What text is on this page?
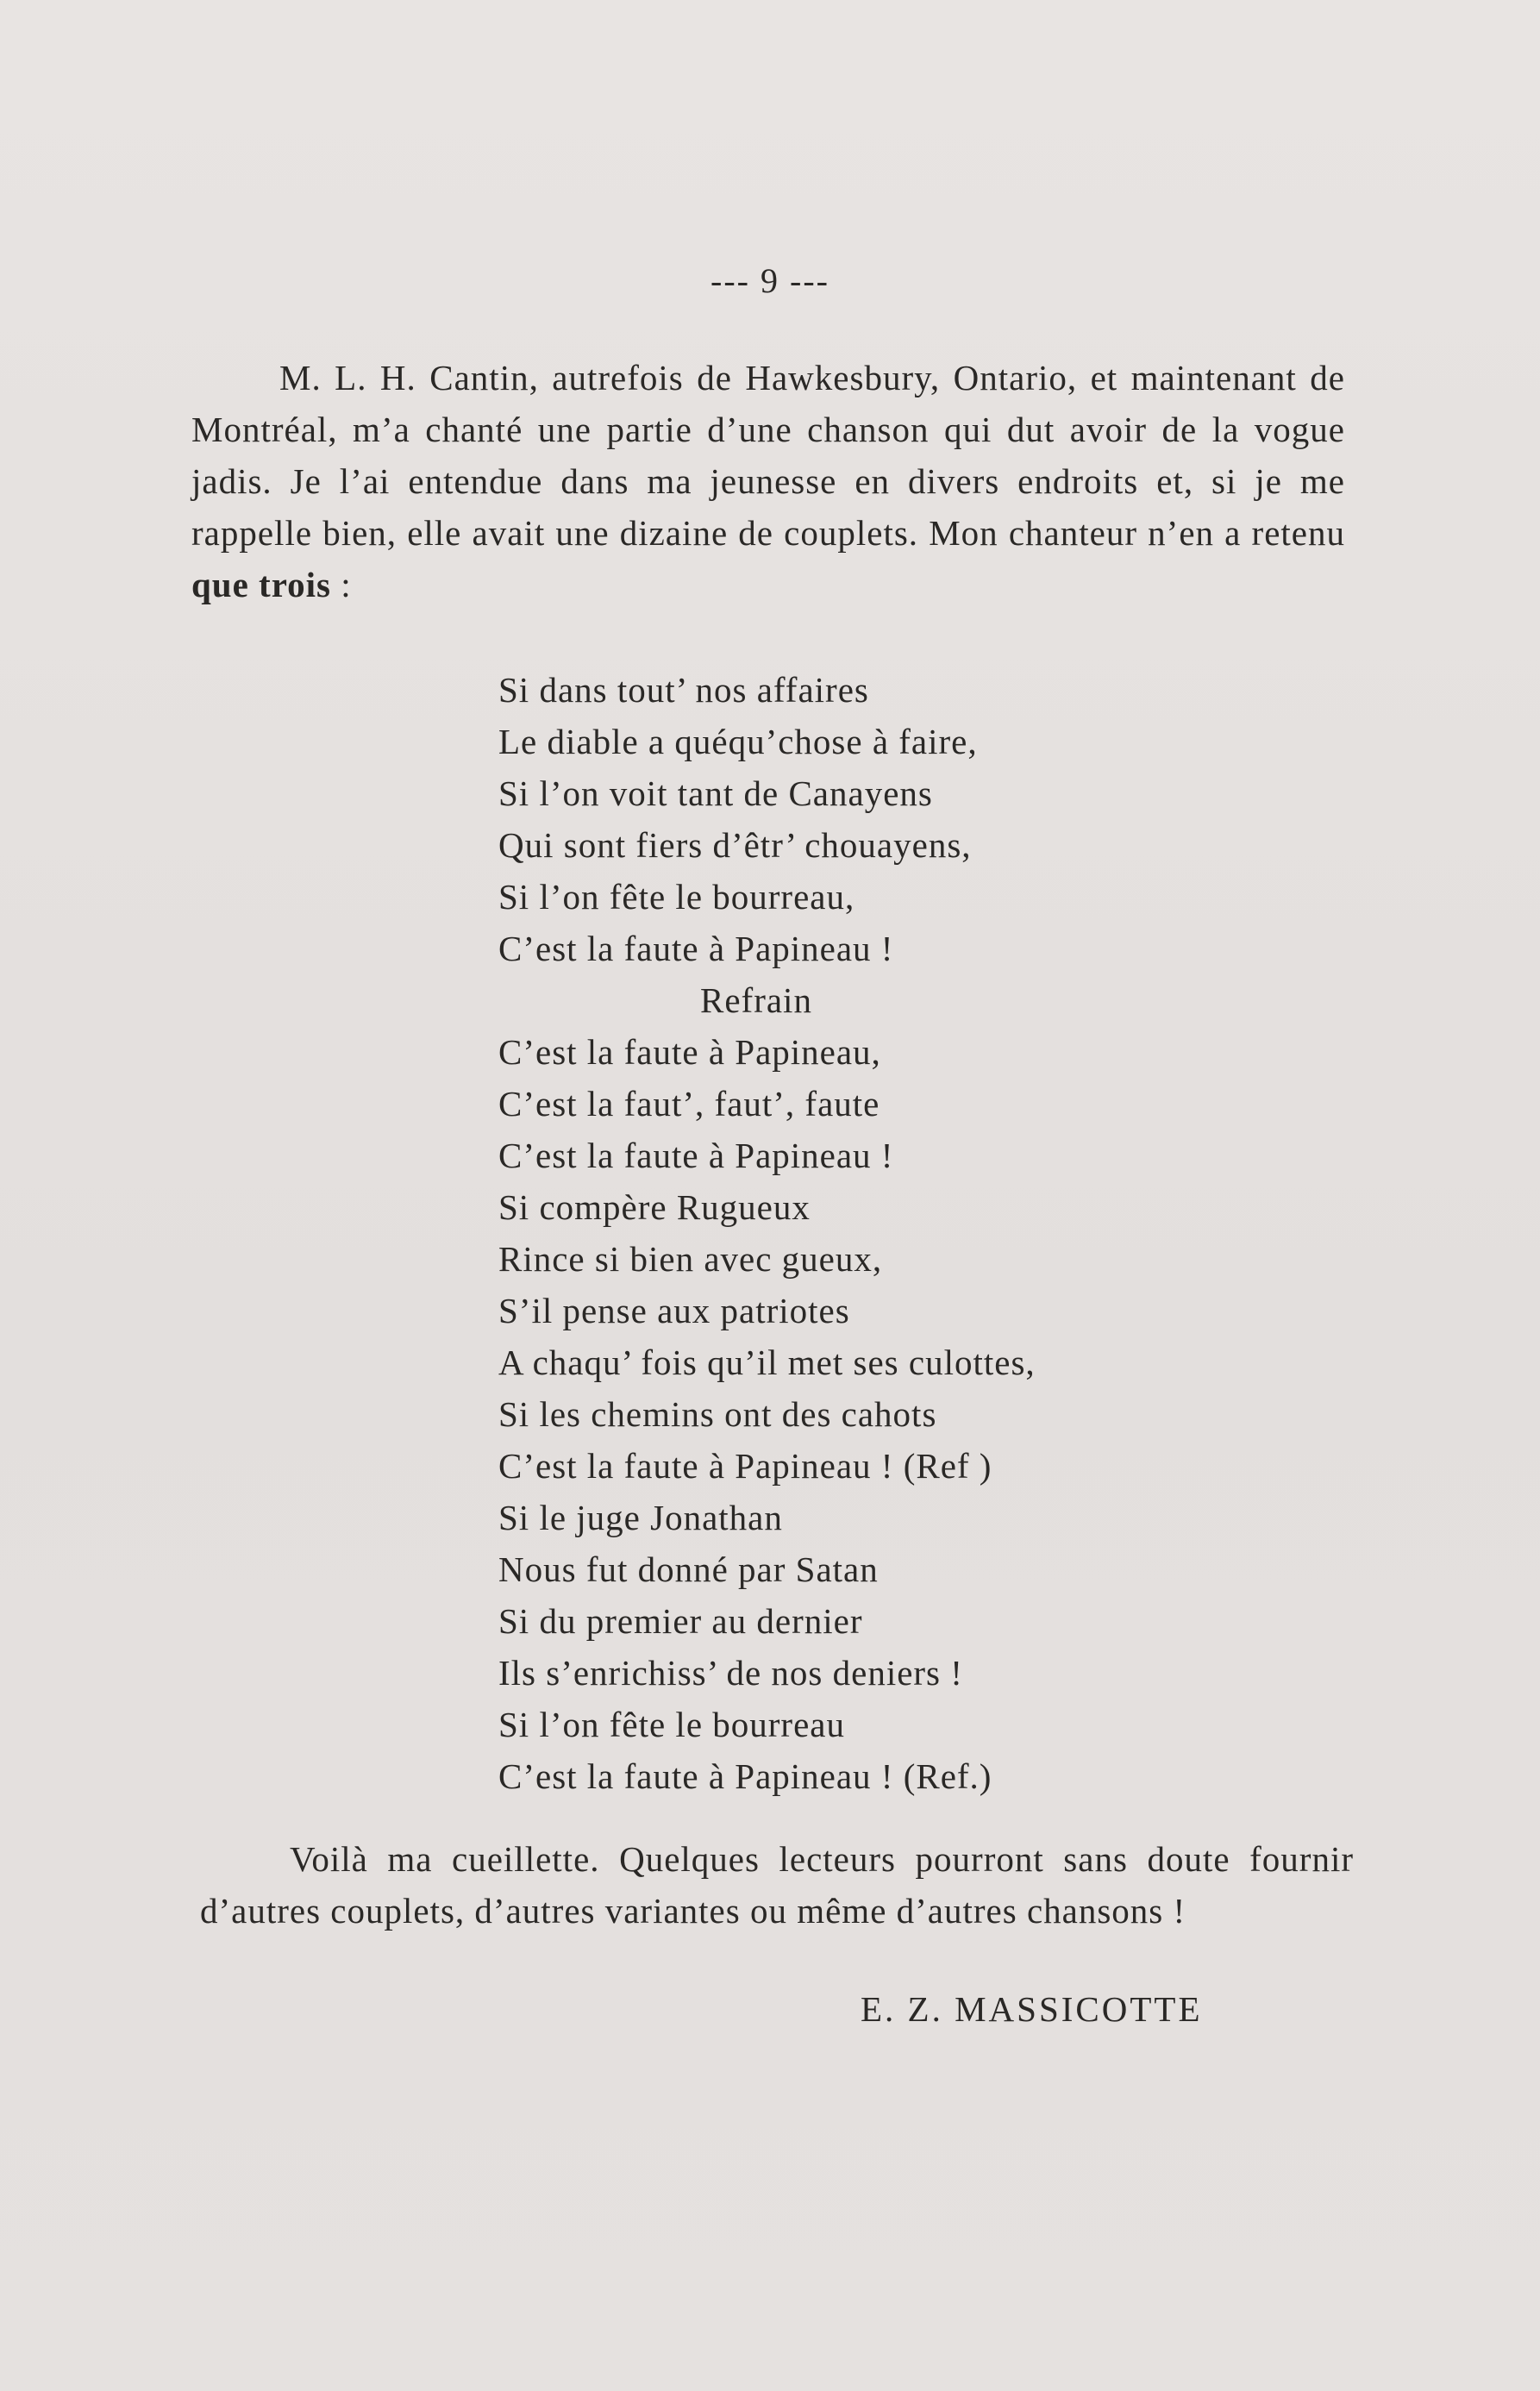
--- 9 ---
M. L. H. Cantin, autrefois de Hawkesbury, Ontario, et maintenant de Montréal, m’a chanté une partie d’une chanson qui dut avoir de la vogue jadis. Je l’ai entendue dans ma jeunesse en divers endroits et, si je me rappelle bien, elle avait une dizaine de couplets. Mon chanteur n’en a retenu que trois :
Si dans tout’ nos affaires
Le diable a quéqu’chose à faire,
Si l’on voit tant de Canayens
Qui sont fiers d’êtr’ chouayens,
Si l’on fête le bourreau,
C’est la faute à Papineau !
Refrain
C’est la faute à Papineau,
C’est la faut’, faut’, faute
C’est la faute à Papineau !
Si compère Rugueux
Rince si bien avec gueux,
S’il pense aux patriotes
A chaqu’ fois qu’il met ses culottes,
Si les chemins ont des cahots
C’est la faute à Papineau ! (Ref )
Si le juge Jonathan
Nous fut donné par Satan
Si du premier au dernier
Ils s’enrichiss’ de nos deniers !
Si l’on fête le bourreau
C’est la faute à Papineau ! (Ref.)
Voilà ma cueillette. Quelques lecteurs pourront sans doute fournir d’autres couplets, d’autres variantes ou même d’autres chansons !
E. Z. MASSICOTTE
